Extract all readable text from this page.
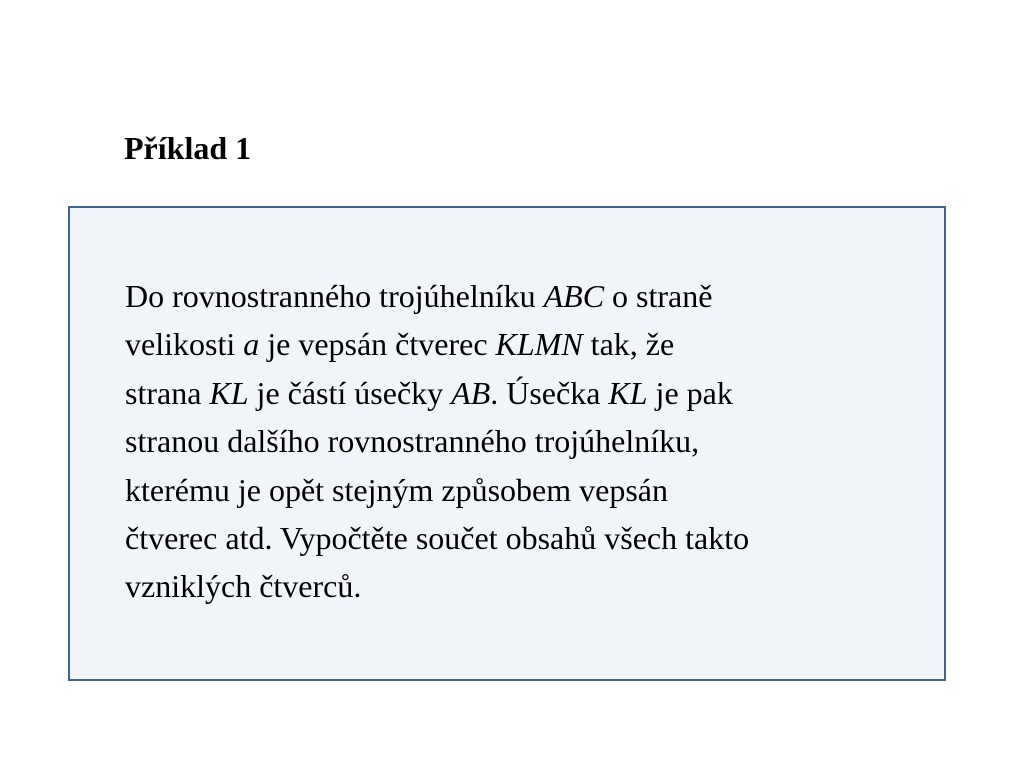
Příklad 1

Do rovnostranného trojúhelníku ABC o straně
velikosti a je vepsán čtverec KLMN tak, že
strana KL je částí úsečky AB. Úsečka KL je pak
stranou dalšího rovnostranného trojúhelníku,
kterému je opět stejným způsobem vepsán
čtverec atd. Vypočtěte součet obsahů všech takto
vzniklých čtverců.
